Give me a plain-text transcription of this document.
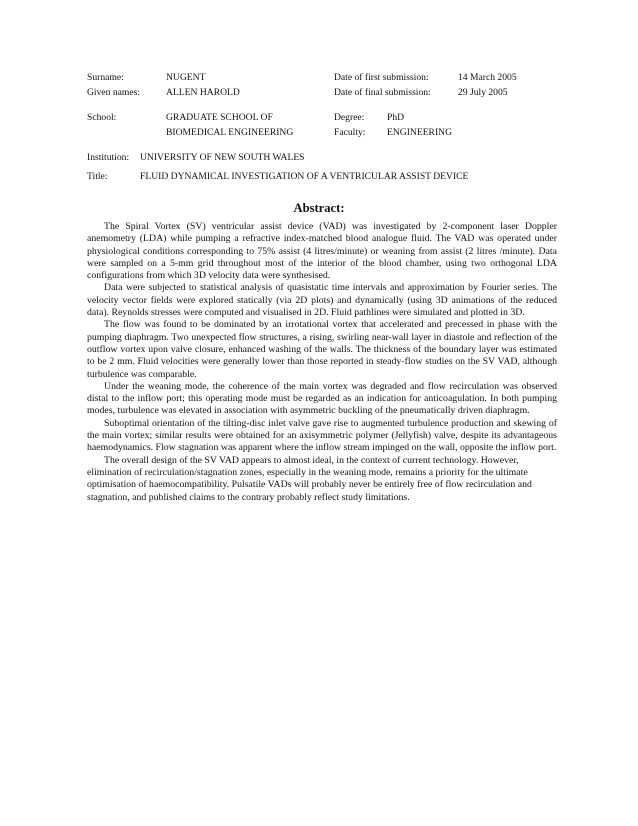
Surname:	NUGENT
Given names:	ALLEN HAROLD
School:	GRADUATE SCHOOL OF
BIOMEDICAL ENGINEERING
Date of first submission:	14 March 2005
Date of final submission:	29 July 2005
Degree: PhD
Faculty: ENGINEERING
Institution: UNIVERSITY OF NEW SOUTH WALES
Title:	FLUID DYNAMICAL INVESTIGATION OF A VENTRICULAR ASSIST DEVICE
Abstract:

The Spiral Vortex (SV) ventricular assist device (VAD) was investigated by 2-component laser Doppler anemometry (LDA) while pumping a refractive index-matched blood analogue fluid. The VAD was operated under physiological conditions corresponding to 75% assist (4 litres/minute) or weaning from assist (2 litres /minute). Data were sampled on a 5-mm grid throughout most of the interior of the blood chamber, using two orthogonal LDA configurations from which 3D velocity data were synthesised.

Data were subjected to statistical analysis of quasistatic time intervals and approximation by Fourier series. The velocity vector fields were explored statically (via 2D plots) and dynamically (using 3D animations of the reduced data). Reynolds stresses were computed and visualised in 2D. Fluid pathlines were simulated and plotted in 3D.

The flow was found to be dominated by an irrotational vortex that accelerated and precessed in phase with the pumping diaphragm. Two unexpected flow structures, a rising, swirling near-wall layer in diastole and reflection of the outflow vortex upon valve closure, enhanced washing of the walls. The thickness of the boundary layer was estimated to be 2 mm. Fluid velocities were generally lower than those reported in steady-flow studies on the SV VAD, although turbulence was comparable.

Under the weaning mode, the coherence of the main vortex was degraded and flow recirculation was observed distal to the inflow port; this operating mode must be regarded as an indication for anticoagulation. In both pumping modes, turbulence was elevated in association with asymmetric buckling of the pneumatically driven diaphragm.

Suboptimal orientation of the tilting-disc inlet valve gave rise to augmented turbulence production and skewing of the main vortex; similar results were obtained for an axisymmetric polymer (Jellyfish) valve, despite its advantageous haemodynamics. Flow stagnation was apparent where the inflow stream impinged on the wall, opposite the inflow port.

The overall design of the SV VAD appears to almost ideal, in the context of current technology. However, elimination of recirculation/stagnation zones, especially in the weaning mode, remains a priority for the ultimate optimisation of haemocompatibility. Pulsatile VADs will probably never be entirely free of flow recirculation and stagnation, and published claims to the contrary probably reflect study limitations.
